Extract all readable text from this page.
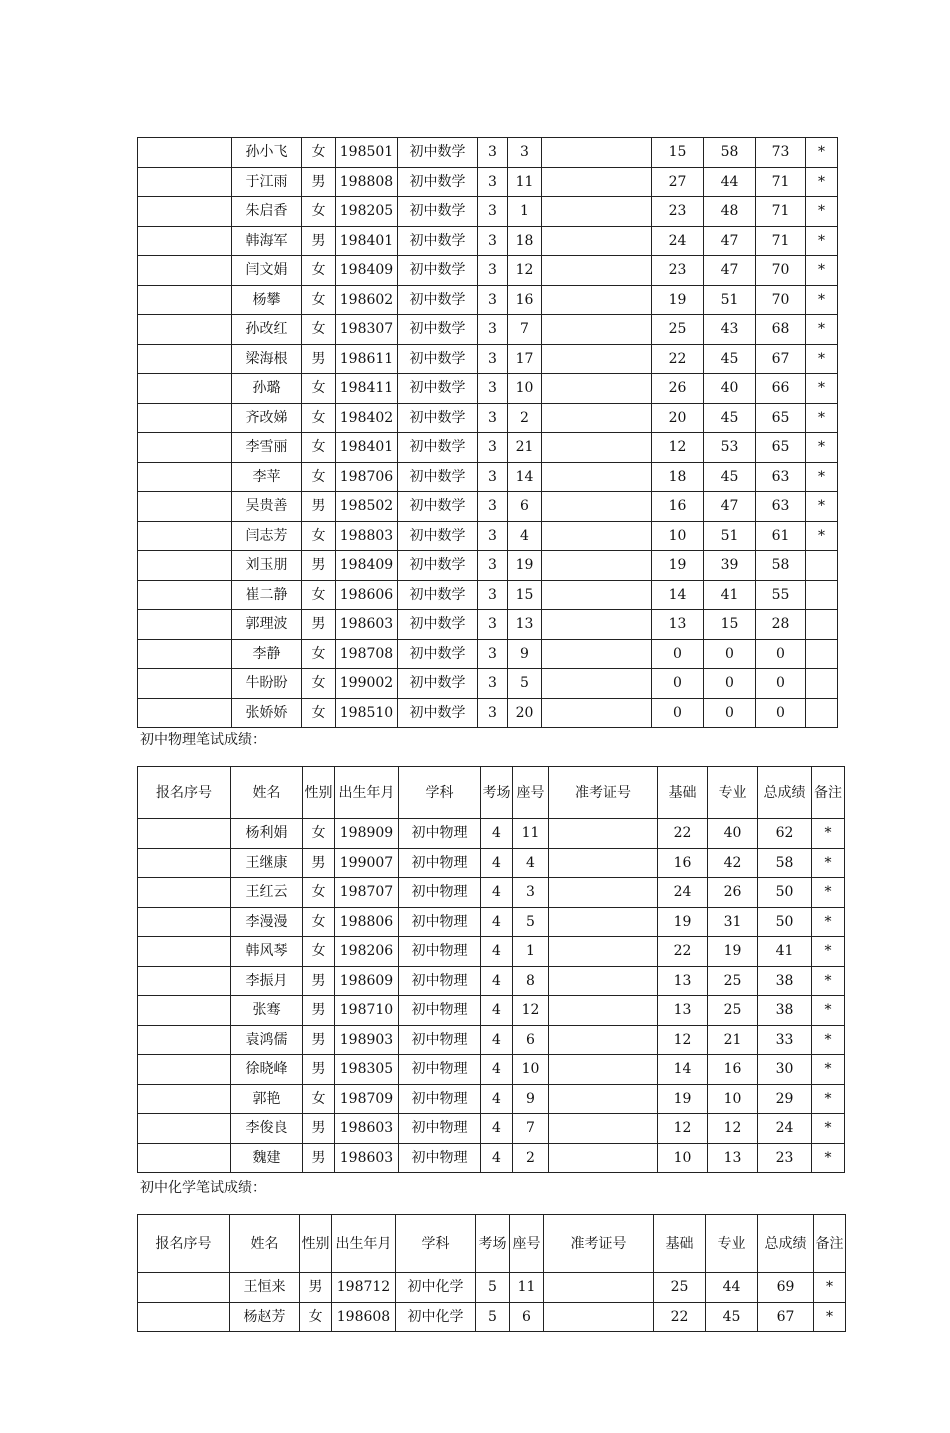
	孙小飞	女	198501	初中数学	3	3		15	58	73	*
	于江雨	男	198808	初中数学	3	11		27	44	71	*
	朱启香	女	198205	初中数学	3	1		23	48	71	*
	韩海军	男	198401	初中数学	3	18		24	47	71	*
	闫文娟	女	198409	初中数学	3	12		23	47	70	*
	杨攀	女	198602	初中数学	3	16		19	51	70	*
	孙改红	女	198307	初中数学	3	7		25	43	68	*
	梁海根	男	198611	初中数学	3	17		22	45	67	*
	孙璐	女	198411	初中数学	3	10		26	40	66	*
	齐改娣	女	198402	初中数学	3	2		20	45	65	*
	李雪丽	女	198401	初中数学	3	21		12	53	65	*
	李苹	女	198706	初中数学	3	14		18	45	63	*
	吴贵善	男	198502	初中数学	3	6		16	47	63	*
	闫志芳	女	198803	初中数学	3	4		10	51	61	*
	刘玉朋	男	198409	初中数学	3	19		19	39	58	
	崔二静	女	198606	初中数学	3	15		14	41	55	
	郭理波	男	198603	初中数学	3	13		13	15	28	
	李静	女	198708	初中数学	3	9		0	0	0	
	牛盼盼	女	199002	初中数学	3	5		0	0	0	
	张娇娇	女	198510	初中数学	3	20		0	0	0	
初中物理笔试成绩：
报名序号	姓名	性别	出生年月	学科	考场	座号	准考证号	基础	专业	总成绩	备注
	杨利娟	女	198909	初中物理	4	11		22	40	62	*
	王继康	男	199007	初中物理	4	4		16	42	58	*
	王红云	女	198707	初中物理	4	3		24	26	50	*
	李漫漫	女	198806	初中物理	4	5		19	31	50	*
	韩风琴	女	198206	初中物理	4	1		22	19	41	*
	李振月	男	198609	初中物理	4	8		13	25	38	*
	张骞	男	198710	初中物理	4	12		13	25	38	*
	袁鸿儒	男	198903	初中物理	4	6		12	21	33	*
	徐晓峰	男	198305	初中物理	4	10		14	16	30	*
	郭艳	女	198709	初中物理	4	9		19	10	29	*
	李俊良	男	198603	初中物理	4	7		12	12	24	*
	魏建	男	198603	初中物理	4	2		10	13	23	*
初中化学笔试成绩：
报名序号	姓名	性别	出生年月	学科	考场	座号	准考证号	基础	专业	总成绩	备注
	王恒来	男	198712	初中化学	5	11		25	44	69	*
	杨赵芳	女	198608	初中化学	5	6		22	45	67	*
